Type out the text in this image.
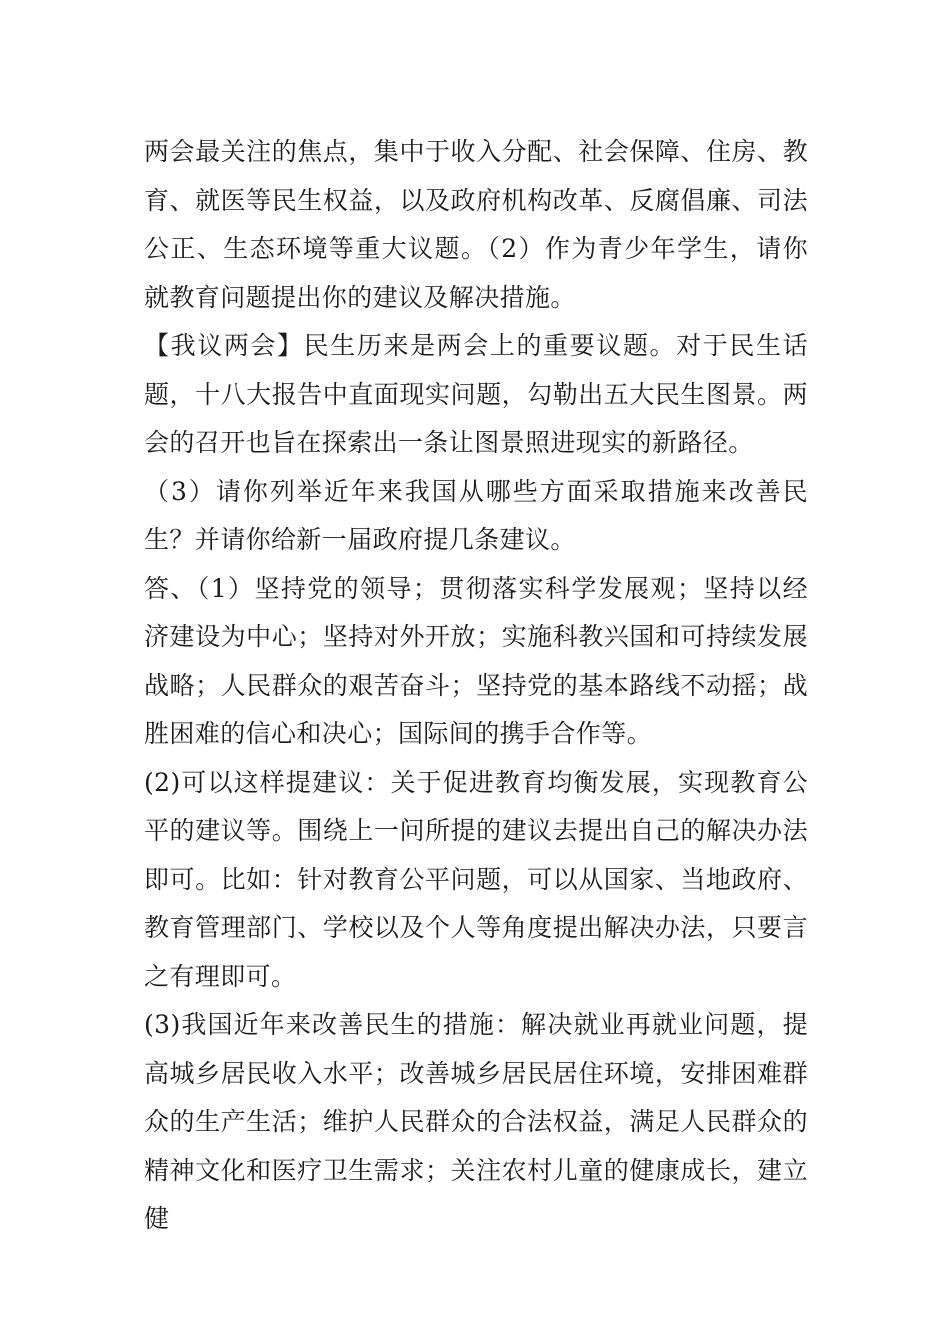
两会最关注的焦点，集中于收入分配、社会保障、住房、教育、就医等民生权益，以及政府机构改革、反腐倡廉、司法公正、生态环境等重大议题。（2）作为青少年学生，请你就教育问题提出你的建议及解决措施。

【我议两会】民生历来是两会上的重要议题。对于民生话题，十八大报告中直面现实问题，勾勒出五大民生图景。两会的召开也旨在探索出一条让图景照进现实的新路径。

（3）请你列举近年来我国从哪些方面采取措施来改善民生？并请你给新一届政府提几条建议。

答、（1）坚持党的领导；贯彻落实科学发展观；坚持以经济建设为中心；坚持对外开放；实施科教兴国和可持续发展战略；人民群众的艰苦奋斗；坚持党的基本路线不动摇；战胜困难的信心和决心；国际间的携手合作等。

(2)可以这样提建议：关于促进教育均衡发展，实现教育公平的建议等。围绕上一问所提的建议去提出自己的解决办法即可。比如：针对教育公平问题，可以从国家、当地政府、教育管理部门、学校以及个人等角度提出解决办法，只要言之有理即可。

(3)我国近年来改善民生的措施：解决就业再就业问题，提高城乡居民收入水平；改善城乡居民居住环境，安排困难群众的生产生活；维护人民群众的合法权益，满足人民群众的精神文化和医疗卫生需求；关注农村儿童的健康成长，建立健
